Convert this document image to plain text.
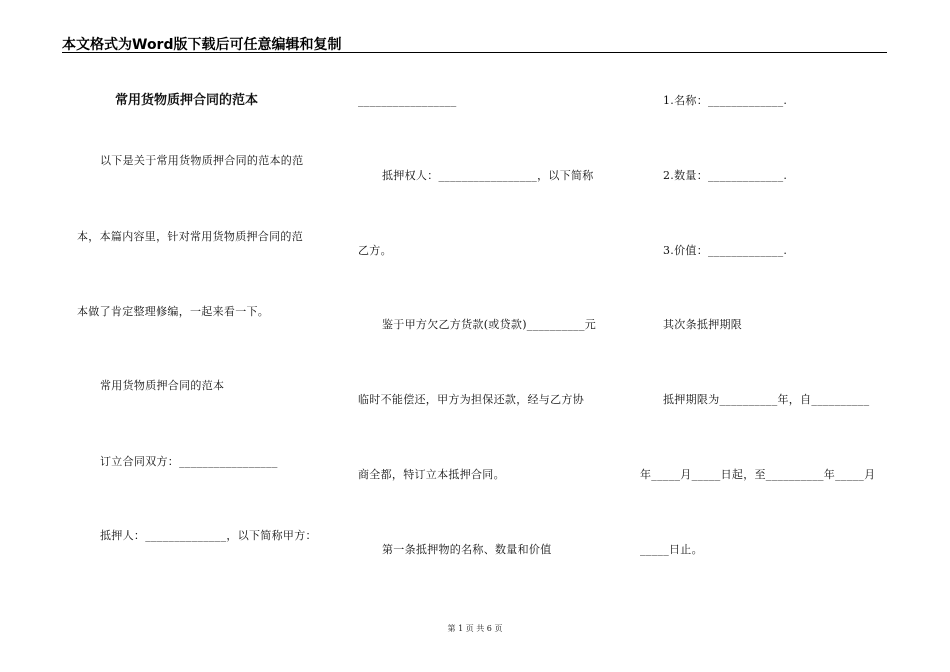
本文格式为Word版下载后可任意编辑和复制
常用货物质押合同的范本
以下是关于常用货物质押合同的范本的范
本，本篇内容里，针对常用货物质押合同的范
本做了肯定整理修编，一起来看一下。
常用货物质押合同的范本
订立合同双方：_________________
抵押人：______________，以下简称甲方：
_________________
抵押权人：_________________，以下简称
乙方。
鉴于甲方欠乙方货款(或贷款)__________元
临时不能偿还，甲方为担保还款，经与乙方协
商全都，特订立本抵押合同。
第一条抵押物的名称、数量和价值
1.名称：_____________.
2.数量：_____________.
3.价值：_____________.
其次条抵押期限
抵押期限为__________年，自__________
年_____月_____日起，至__________年_____月
_____日止。
第 1 页 共 6 页
